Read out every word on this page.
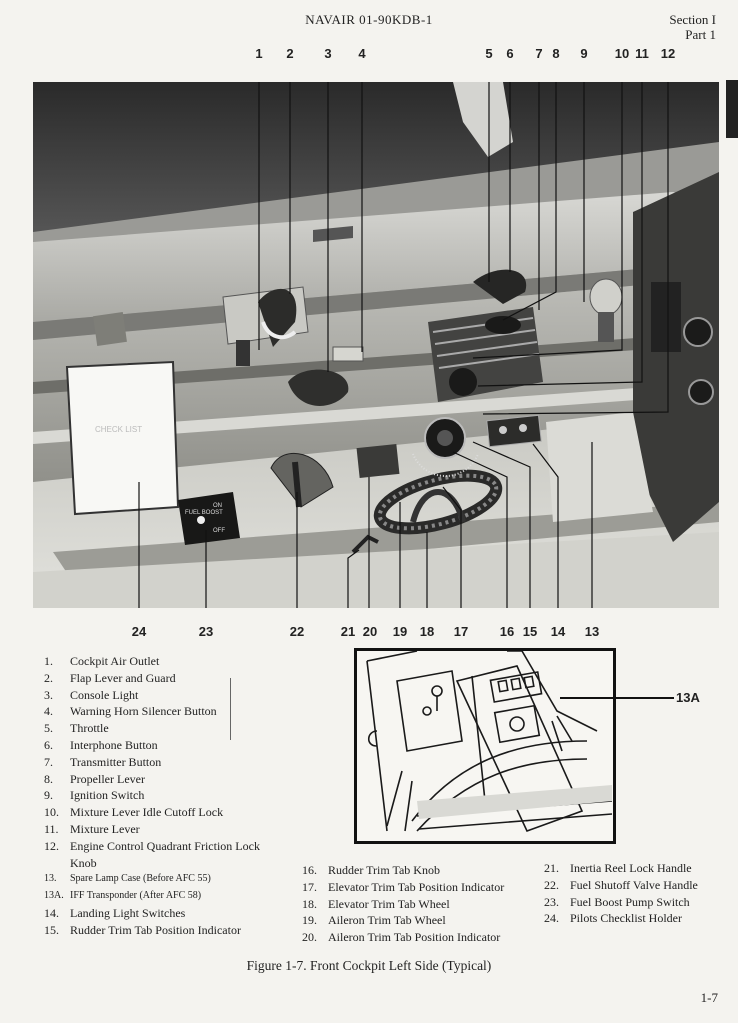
NAVAIR 01-90KDB-1	Section I
Part 1
1 2 3 4	5 6 7 8 9 10 11 12
CHECK LIST
FUEL BOOST
ON
OFF
24	23	22	21 20 19 18 17 16 15 14 13
13A
1. Cockpit Air Outlet
2. Flap Lever and Guard
3. Console Light
4. Warning Horn Silencer Button
5. Throttle
6. Interphone Button
7. Transmitter Button
8. Propeller Lever
9. Ignition Switch
10. Mixture Lever Idle Cutoff Lock
11. Mixture Lever
12. Engine Control Quadrant Friction Lock
Knob
13. Spare Lamp Case (Before AFC 55)
13A. IFF Transponder (After AFC 58)
14. Landing Light Switches
15. Rudder Trim Tab Position Indicator
16. Rudder Trim Tab Knob
17. Elevator Trim Tab Position Indicator
18. Elevator Trim Tab Wheel
19. Aileron Trim Tab Wheel
20. Aileron Trim Tab Position Indicator
21. Inertia Reel Lock Handle
22. Fuel Shutoff Valve Handle
23. Fuel Boost Pump Switch
24. Pilots Checklist Holder
Figure 1-7. Front Cockpit Left Side (Typical)
1-7
